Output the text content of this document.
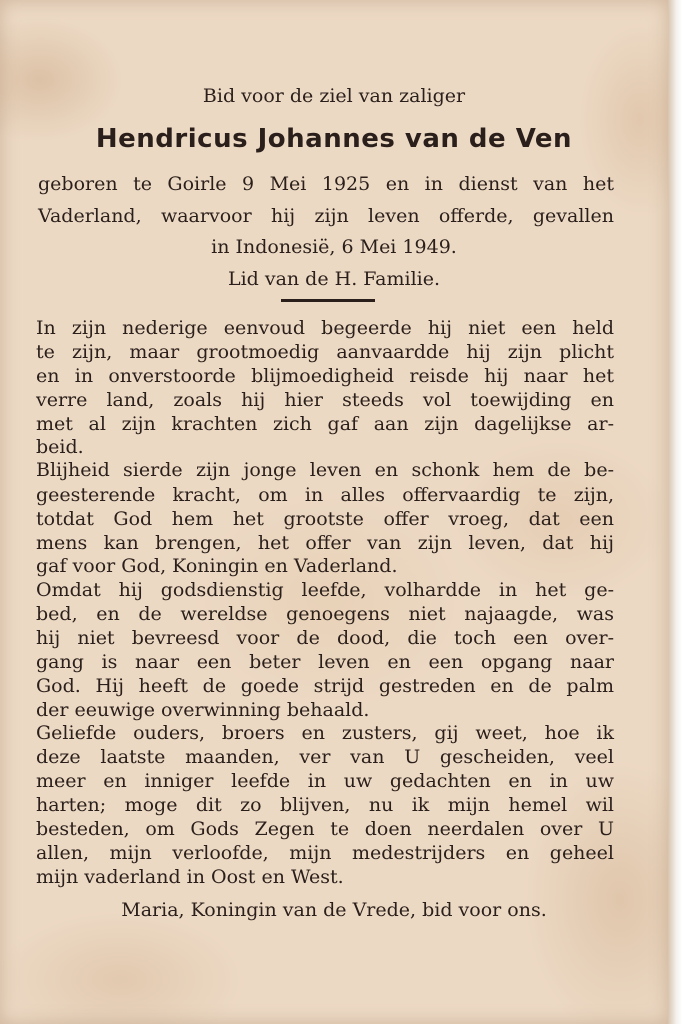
Bid voor de ziel van zaliger
Hendricus Johannes van de Ven
geboren te Goirle 9 Mei 1925 en in dienst van het
Vaderland, waarvoor hij zijn leven offerde, gevallen
in Indonesië, 6 Mei 1949.
Lid van de H. Familie.
In zijn nederige eenvoud begeerde hij niet een held
te zijn, maar grootmoedig aanvaardde hij zijn plicht
en in onverstoorde blijmoedigheid reisde hij naar het
verre land, zoals hij hier steeds vol toewijding en
met al zijn krachten zich gaf aan zijn dagelijkse ar-
beid.
Blijheid sierde zijn jonge leven en schonk hem de be-
geesterende kracht, om in alles offervaardig te zijn,
totdat God hem het grootste offer vroeg, dat een
mens kan brengen, het offer van zijn leven, dat hij
gaf voor God, Koningin en Vaderland.
Omdat hij godsdienstig leefde, volhardde in het ge-
bed, en de wereldse genoegens niet najaagde, was
hij niet bevreesd voor de dood, die toch een over-
gang is naar een beter leven en een opgang naar
God. Hij heeft de goede strijd gestreden en de palm
der eeuwige overwinning behaald.
Geliefde ouders, broers en zusters, gij weet, hoe ik
deze laatste maanden, ver van U gescheiden, veel
meer en inniger leefde in uw gedachten en in uw
harten; moge dit zo blijven, nu ik mijn hemel wil
besteden, om Gods Zegen te doen neerdalen over U
allen, mijn verloofde, mijn medestrijders en geheel
mijn vaderland in Oost en West.
Maria, Koningin van de Vrede, bid voor ons.
